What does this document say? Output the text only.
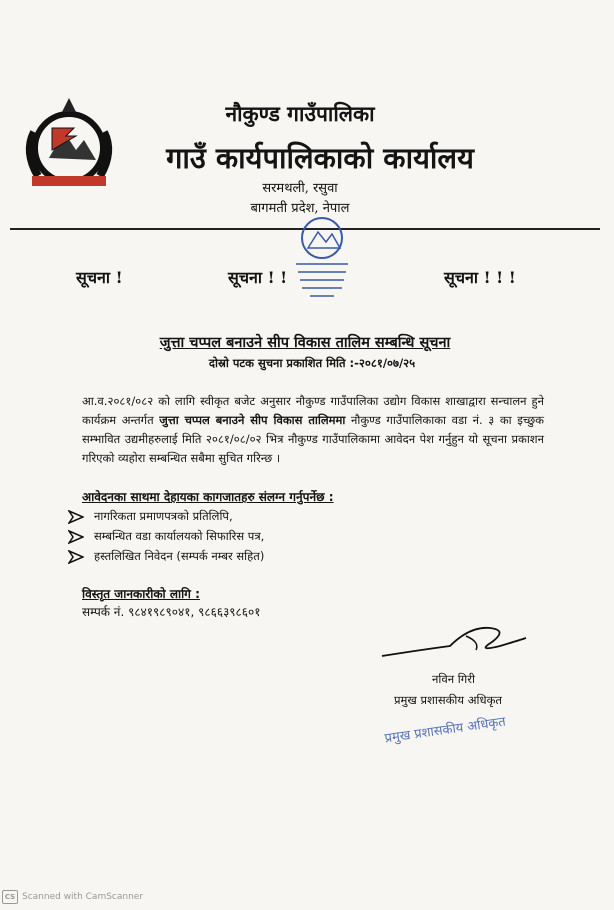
नौकुण्ड गाउँपालिका
गाउँ कार्यपालिकाको कार्यालय
सरमथली, रसुवा
बागमती प्रदेश, नेपाल
सूचना !	सूचना ! !	सूचना ! ! !
जुत्ता चप्पल बनाउने सीप विकास तालिम सम्बन्धि सूचना
दोस्रो पटक सुचना प्रकाशित मिति :-२०८१/०७/२५
आ.व.२०८१/०८२ को लागि स्वीकृत बजेट अनुसार नौकुण्ड गाउँपालिका उद्योग विकास शाखाद्वारा सन्चालन हुने कार्यक्रम अन्तर्गत जुत्ता चप्पल बनाउने सीप विकास तालिममा नौकुण्ड गाउँपालिकाका वडा नं. ३ का इच्छुक सम्भावित उद्यमीहरुलाई मिति २०८१/०८/०२ भित्र नौकुण्ड गाउँपालिकामा आवेदन पेश गर्नुहुन यो सूचना प्रकाशन गरिएको व्यहोरा सम्बन्धित सबैमा सुचित गरिन्छ ।
आवेदनका साथमा देहायका कागजातहरु संलग्न गर्नुपर्नेछ :
नागरिकता प्रमाणपत्रको प्रतिलिपि,
सम्बन्धित वडा कार्यालयको सिफारिस पत्र,
हस्तलिखित निवेदन (सम्पर्क नम्बर सहित)
विस्तृत जानकारीको लागि :
सम्पर्क नं. ९८४१९८९०४१, ९८६६३९८६०१
नविन गिरी
प्रमुख प्रशासकीय अधिकृत
प्रमुख प्रशासकीय अधिकृत
CS Scanned with CamScanner
